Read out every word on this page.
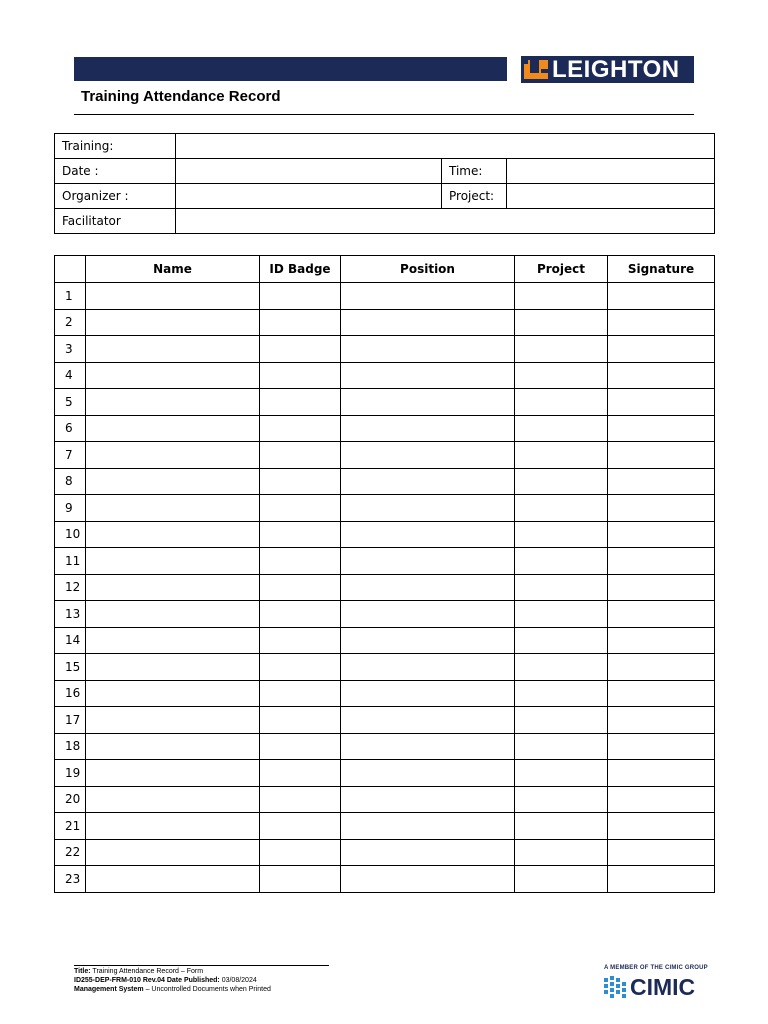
LEIGHTON
Training Attendance Record
Training:			
Date :		Time:	
Organizer :		Project:	
Facilitator			
	Name	ID Badge	Position	Project	Signature
1					
2					
3					
4					
5					
6					
7					
8					
9					
10					
11					
12					
13					
14					
15					
16					
17					
18					
19					
20					
21					
22					
23					
Title: Training Attendance Record – Form
ID255-DEP-FRM-010 Rev.04 Date Published: 03/08/2024
Management System – Uncontrolled Documents when Printed
A MEMBER OF THE CIMIC GROUP
CIMIC
